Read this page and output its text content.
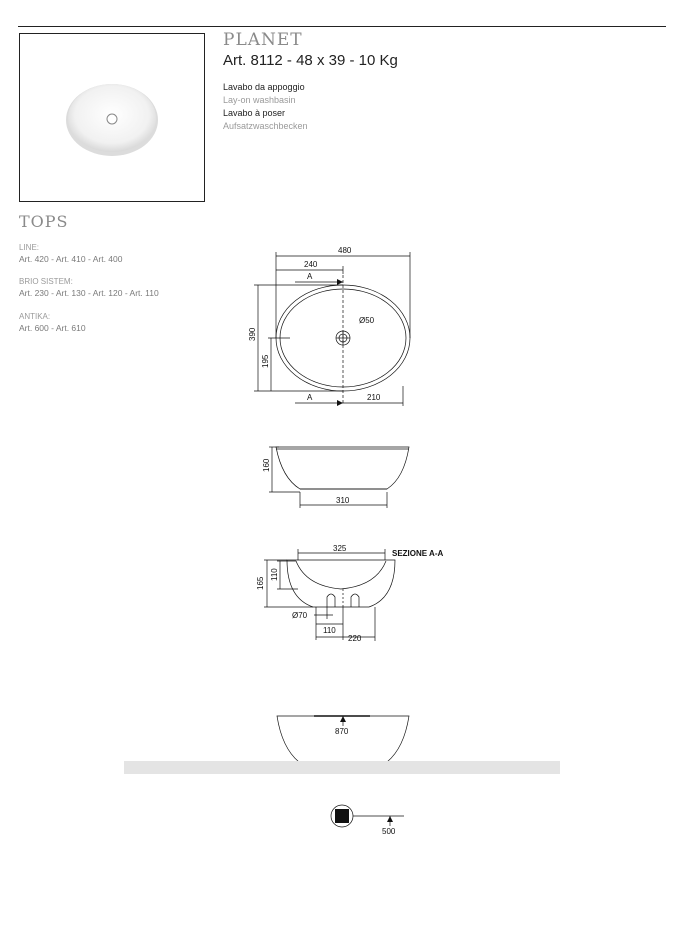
PLANET
Art. 8112 - 48 x 39 - 10 Kg
Lavabo da appoggio
Lay-on washbasin
Lavabo à poser
Aufsatzwaschbecken
TOPS
LINE:
Art. 420 - Art. 410 - Art. 400
BRIO SISTEM:
Art. 230 - Art. 130 - Art. 120 - Art. 110
ANTIKA:
Art. 600 - Art. 610
480
240
A
Ø50
390
195
A	210
160
310
325
SEZIONE A-A
110
165
Ø70
110
220
870
500
